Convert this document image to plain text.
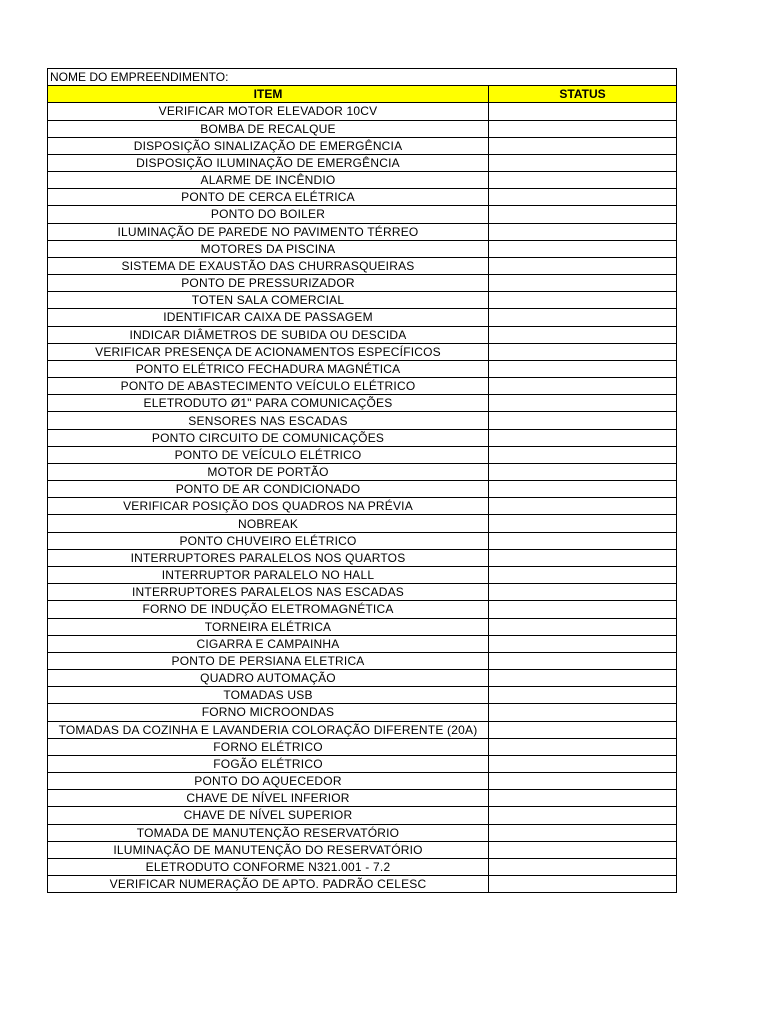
NOME DO EMPREENDIMENTO:	
ITEM	STATUS
VERIFICAR MOTOR ELEVADOR 10CV	
BOMBA DE RECALQUE	
DISPOSIÇÃO SINALIZAÇÃO DE EMERGÊNCIA	
DISPOSIÇÃO ILUMINAÇÃO DE EMERGÊNCIA	
ALARME DE INCÊNDIO	
PONTO DE CERCA ELÉTRICA	
PONTO DO BOILER	
ILUMINAÇÃO DE PAREDE NO PAVIMENTO TÉRREO	
MOTORES DA PISCINA	
SISTEMA DE EXAUSTÃO DAS CHURRASQUEIRAS	
PONTO DE PRESSURIZADOR	
TOTEN SALA COMERCIAL	
IDENTIFICAR CAIXA DE PASSAGEM	
INDICAR DIÂMETROS DE SUBIDA OU DESCIDA	
VERIFICAR PRESENÇA DE ACIONAMENTOS ESPECÍFICOS	
PONTO ELÉTRICO FECHADURA MAGNÉTICA	
PONTO DE ABASTECIMENTO VEÍCULO ELÉTRICO	
ELETRODUTO Ø1" PARA COMUNICAÇÕES	
SENSORES NAS ESCADAS	
PONTO CIRCUITO DE COMUNICAÇÕES	
PONTO DE VEÍCULO ELÉTRICO	
MOTOR DE PORTÃO	
PONTO DE AR CONDICIONADO	
VERIFICAR POSIÇÃO DOS QUADROS NA PRÉVIA	
NOBREAK	
PONTO CHUVEIRO ELÉTRICO	
INTERRUPTORES PARALELOS NOS QUARTOS	
INTERRUPTOR PARALELO NO HALL	
INTERRUPTORES PARALELOS NAS ESCADAS	
FORNO DE INDUÇÃO ELETROMAGNÉTICA	
TORNEIRA ELÉTRICA	
CIGARRA E CAMPAINHA	
PONTO DE PERSIANA ELETRICA	
QUADRO AUTOMAÇÃO	
TOMADAS USB	
FORNO MICROONDAS	
TOMADAS DA COZINHA E LAVANDERIA COLORAÇÃO DIFERENTE (20A)	
FORNO ELÉTRICO	
FOGÃO ELÉTRICO	
PONTO DO AQUECEDOR	
CHAVE DE NÍVEL INFERIOR	
CHAVE DE NÍVEL SUPERIOR	
TOMADA DE MANUTENÇÃO RESERVATÓRIO	
ILUMINAÇÃO DE MANUTENÇÃO DO RESERVATÓRIO	
ELETRODUTO CONFORME N321.001 - 7.2	
VERIFICAR NUMERAÇÃO DE APTO. PADRÃO CELESC	
